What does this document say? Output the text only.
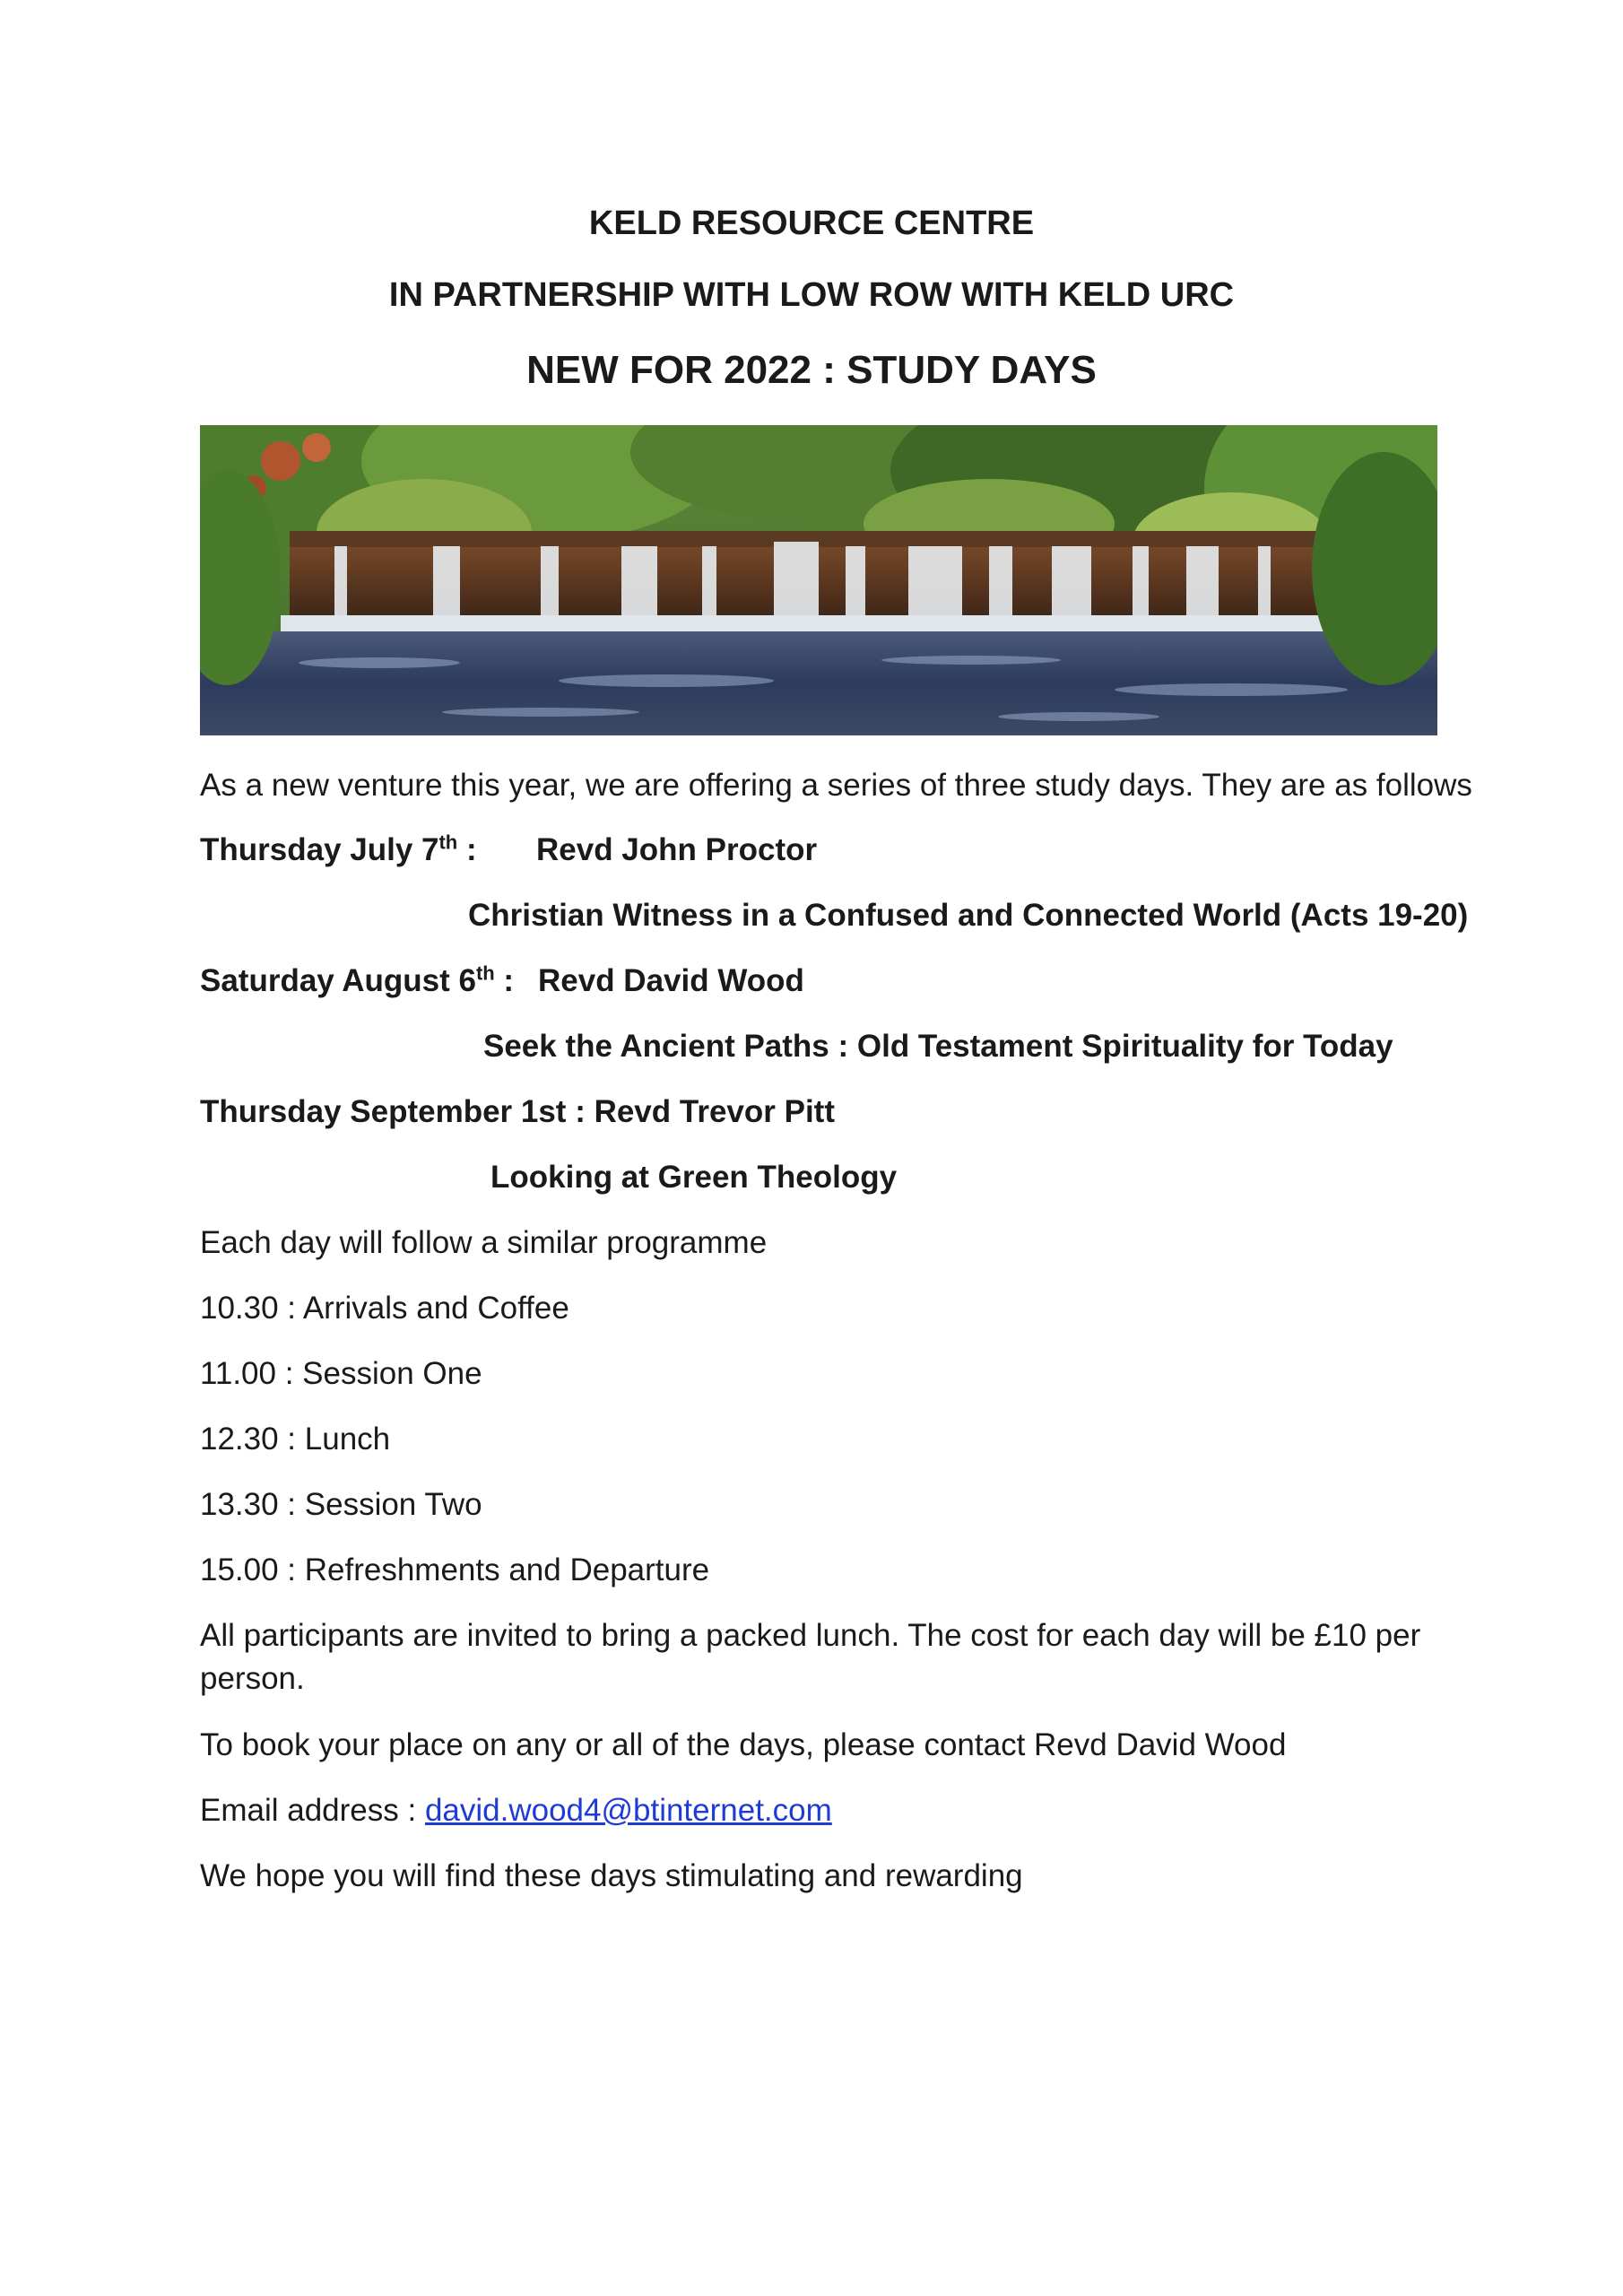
KELD RESOURCE CENTRE
IN PARTNERSHIP WITH LOW ROW WITH KELD URC
NEW FOR 2022 : STUDY DAYS
As a new venture this year, we are offering a series of three study days. They are as follows
Thursday July 7th : Revd John Proctor
Christian Witness in a Confused and Connected World (Acts 19-20)
Saturday August 6th : Revd David Wood
Seek the Ancient Paths : Old Testament Spirituality for Today
Thursday September 1st : Revd Trevor Pitt
Looking at Green Theology
Each day will follow a similar programme
10.30 : Arrivals and Coffee
11.00 : Session One
12.30 : Lunch
13.30 : Session Two
15.00 : Refreshments and Departure
All participants are invited to bring a packed lunch. The cost for each day will be £10 per
person.
To book your place on any or all of the days, please contact Revd David Wood
Email address : david.wood4@btinternet.com
We hope you will find these days stimulating and rewarding
